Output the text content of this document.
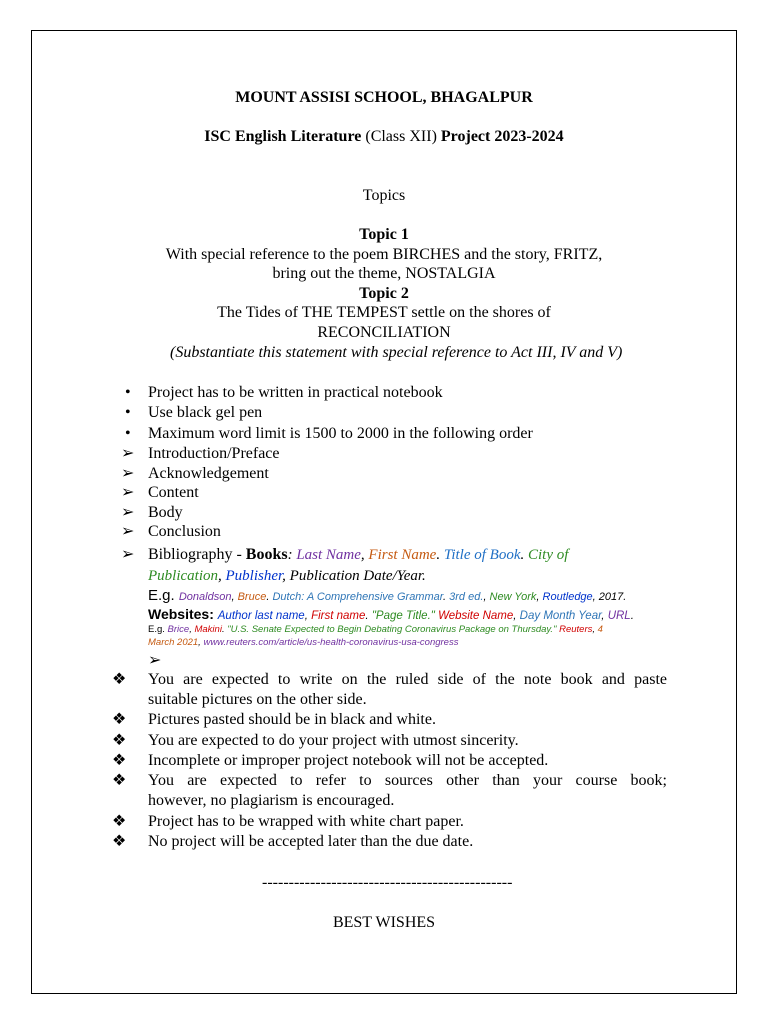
MOUNT ASSISI SCHOOL, BHAGALPUR
ISC English Literature (Class XII) Project 2023-2024
Topics
Topic 1
With special reference to the poem BIRCHES and the story, FRITZ,
bring out the theme, NOSTALGIA
Topic 2
The Tides of THE TEMPEST settle on the shores of
RECONCILIATION
(Substantiate this statement with special reference to Act III, IV and V)
•	Project has to be written in practical notebook
•	Use black gel pen
•	Maximum word limit is 1500 to 2000 in the following order
➢ Introduction/Preface
➢ Acknowledgement
➢ Content
➢ Body
➢ Conclusion
➢ Bibliography - Books: Last Name, First Name. Title of Book. City of
Publication, Publisher, Publication Date/Year.
E.g. Donaldson, Bruce. Dutch: A Comprehensive Grammar. 3rd ed., New York, Routledge, 2017.
Websites: Author last name, First name. "Page Title." Website Name, Day Month Year, URL.
E.g. Brice, Makini. "U.S. Senate Expected to Begin Debating Coronavirus Package on Thursday." Reuters, 4
March 2021, www.reuters.com/article/us-health-coronavirus-usa-congress
➢
❖	You are expected to write on the ruled side of the note book and paste
suitable pictures on the other side.
❖	Pictures pasted should be in black and white.
❖	You are expected to do your project with utmost sincerity.
❖	Incomplete or improper project notebook will not be accepted.
❖	You are expected to refer to sources other than your course book;
however, no plagiarism is encouraged.
❖	Project has to be wrapped with white chart paper.
❖	No project will be accepted later than the due date.
-----------------------------------------------
BEST WISHES
